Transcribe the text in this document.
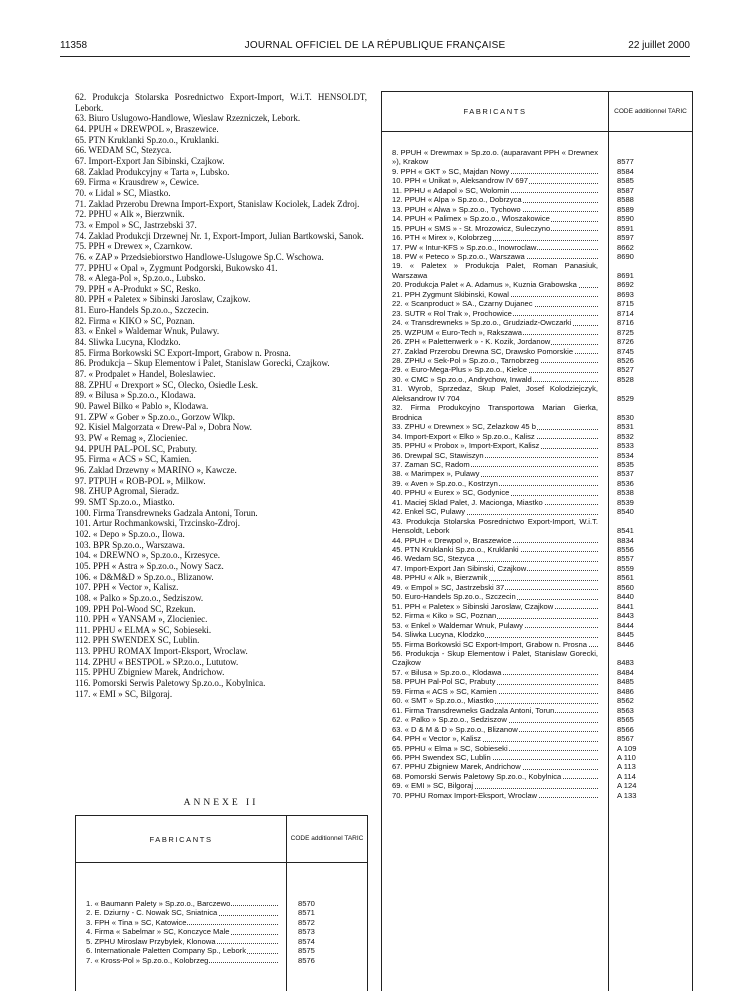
11358	JOURNAL OFFICIEL DE LA RÉPUBLIQUE FRANÇAISE	22 juillet 2000
62. Produkcja Stolarska Posrednictwo Export-Import, W.i.T. HENSOLDT, Lebork.
63. Biuro Uslugowo-Handlowe, Wieslaw Rzezniczek, Lebork.
64. PPUH « DREWPOL », Braszewice.
65. PTN Kruklanki Sp.zo.o., Kruklanki.
66. WEDAM SC, Stezyca.
67. Import-Export Jan Sibinski, Czajkow.
68. Zaklad Produkcyjny « Tarta », Lubsko.
69. Firma « Krausdrew », Cewice.
70. « Lidal » SC, Miastko.
71. Zaklad Przerobu Drewna Import-Export, Stanislaw Kociolek, Ladek Zdroj.
72. PPHU « Alk », Bierzwnik.
73. « Empol » SC, Jastrzebski 37.
74. Zaklad Produkcji Drzewnej Nr. 1, Export-Import, Julian Bartkowski, Sanok.
75. PPH « Drewex », Czarnkow.
76. « ZAP » Przedsiebiorstwo Handlowe-Uslugowe Sp.C. Wschowa.
77. PPHU « Opal », Zygmunt Podgorski, Bukowsko 41.
78. « Alega-Pol », Sp.zo.o., Lubsko.
79. PPH « A-Produkt » SC, Resko.
80. PPH « Paletex » Sibinski Jaroslaw, Czajkow.
81. Euro-Handels Sp.zo.o., Szczecin.
82. Firma « KIKO » SC, Poznan.
83. « Enkel » Waldemar Wnuk, Pulawy.
84. Sliwka Lucyna, Klodzko.
85. Firma Borkowski SC Export-Import, Grabow n. Prosna.
86. Produkcja – Skup Elementow i Palet, Stanislaw Gorecki, Czajkow.
87. « Prodpalet » Handel, Boleslawiec.
88. ZPHU « Drexport » SC, Olecko, Osiedle Lesk.
89. « Bilusa » Sp.zo.o., Klodawa.
90. Pawel Bilko « Pablo », Klodawa.
91. ZPW « Gober » Sp.zo.o., Gorzow Wlkp.
92. Kisiel Malgorzata « Drew-Pal », Dobra Now.
93. PW « Remag », Zlocieniec.
94. PPUH PAL-POL SC, Prabuty.
95. Firma « ACS » SC, Kamien.
96. Zaklad Drzewny « MARINO », Kawcze.
97. PTPUH « ROB-POL », Milkow.
98. ZHUP Agromal, Sieradz.
99. SMT Sp.zo.o., Miastko.
100. Firma Transdrewneks Gadzala Antoni, Torun.
101. Artur Rochmankowski, Trzcinsko-Zdroj.
102. « Depo » Sp.zo.o., Ilowa.
103. BPR Sp.zo.o., Warszawa.
104. « DREWNO », Sp.zo.o., Krzesyce.
105. PPH « Astra » Sp.zo.o., Nowy Sacz.
106. « D&M&D » Sp.zo.o., Blizanow.
107. PPH « Vector », Kalisz.
108. « Palko » Sp.zo.o., Sedziszow.
109. PPH Pol-Wood SC, Rzekun.
110. PPH « YANSAM », Zlocieniec.
111. PPHU « ELMA » SC, Sobieseki.
112. PPH SWENDEX SC, Lublin.
113. PPHU ROMAX Import-Eksport, Wroclaw.
114. ZPHU « BESTPOL » SP.zo.o., Lututow.
115. PPHU Zbigniew Marek, Andrichow.
116. Pomorski Serwis Paletowy Sp.zo.o., Kobylnica.
117. « EMI » SC, Bilgoraj.
ANNEXE II
FABRICANTS	CODE additionnel TARIC
1. « Baumann Palety » Sp.zo.o., Barczewo	8570
2. E. Dziurny - C. Nowak SC, Sniatnica	8571
3. FPH « Tina » SC, Katowice	8572
4. Firma « Sabelmar » SC, Konczyce Male	8573
5. ZPHU Miroslaw Przybylek, Klonowa	8574
6. Internationale Paletten Company Sp., Lebork	8575
7. « Kross-Pol » Sp.zo.o., Kolobrzeg	8576
FABRICANTS	CODE additionnel TARIC
8. PPUH « Drewmax » Sp.zo.o. (auparavant PPH « Drewnex »), Krakow	8577
9. PPH « GKT » SC, Majdan Nowy	8584
10. PPH « Unikat », Aleksandrow IV 697	8585
11. PPHU « Adapol » SC, Wolomin	8587
12. PPUH « Alpa » Sp.zo.o., Dobrzyca	8588
13. PPUH « Alwa » Sp.zo.o., Tychowo	8589
14. PPUH « Palimex » Sp.zo.o., Wloszakowice	8590
15. PPUH « SMS » - St. Mrozowicz, Suleczyno	8591
16. PTH « Mirex », Kolobrzeg	8597
17. PW « Intur-KFS » Sp.zo.o., Inowroclaw	8662
18. PW « Peteco » Sp.zo.o., Warszawa	8690
19. « Paletex » Produkcja Palet, Roman Panasiuk, Warszawa	8691
20. Produkcja Palet « A. Adamus », Kuznia Grabowska	8692
21. PPH Zygmunt Skibinski, Kowal	8693
22. « Scanproduct » SA., Czarny Dujanec	8715
23. SUTR « Rol Trak », Prochowice	8714
24. « Transdrewneks » Sp.zo.o., Grudziadz-Owczarki	8716
25. WZPUM « Euro-Tech », Rakszawa	8725
26. ZPH « Palettenwerk » - K. Kozik, Jordanow	8726
27. Zaklad Przerobu Drewna SC, Drawsko Pomorskie	8745
28. ZPHU « Sek-Pol » Sp.zo.o., Tarnobrzeg	8526
29. « Euro-Mega-Plus » Sp.zo.o., Kielce	8527
30. « CMC » Sp.zo.o., Andrychow, Inwald	8528
31. Wyrob, Sprzedaz, Skup Palet, Josef Kolodziejczyk, Aleksandrow IV 704	8529
32. Firma Produkcyjno Transportowa Marian Gierka, Brodnica	8530
33. ZPHU « Drewnex » SC, Zelazkow 45 b	8531
34. Import-Export « Elko » Sp.zo.o., Kalisz	8532
35. PPHU « Probox », Import-Export, Kalisz	8533
36. Drewpal SC, Stawiszyn	8534
37. Zaman SC, Radom	8535
38. « Marimpex », Pulawy	8537
39. « Aven » Sp.zo.o., Kostrzyn	8536
40. PPHU « Eurex » SC, Godynice	8538
41. Maciej Sklad Palet, J. Macionga, Miastko	8539
42. Enkel SC, Pulawy	8540
43. Produkcja Stolarska Posrednictwo Export-Import, W.i.T. Hensoldt, Lebork	8541
44. PPUH « Drewpol », Braszewice	8834
45. PTN Kruklanki Sp.zo.o., Kruklanki	8556
46. Wedam SC, Stezyca	8557
47. Import-Export Jan Sibinski, Czajkow	8559
48. PPHU « Alk », Bierzwnik	8561
49. « Empol » SC, Jastrzebski 37	8560
50. Euro-Handels Sp.zo.o., Szczecin	8440
51. PPH « Paletex » Sibinski Jaroslaw, Czajkow	8441
52. Firma « Kiko » SC, Poznan	8443
53. « Enkel » Waldemar Wnuk, Pulawy	8444
54. Sliwka Lucyna, Klodzko	8445
55. Firma Borkowski SC Export-Import, Grabow n. Prosna	8446
56. Produkcja - Skup Elementow i Palet, Stanislaw Gorecki, Czajkow	8483
57. « Bilusa » Sp.zo.o., Klodawa	8484
58. PPUH Pal-Pol SC, Prabuty	8485
59. Firma « ACS » SC, Kamien	8486
60. « SMT » Sp.zo.o., Miastko	8562
61. Firma Transdrewneks Gadzala Antoni, Torun	8563
62. « Palko » Sp.zo.o., Sedziszow	8565
63. « D & M & D » Sp.zo.o., Blizanow	8566
64. PPH « Vector », Kalisz	8567
65. PPHU « Elma » SC, Sobieseki	A 109
66. PPH Swendex SC, Lublin	A 110
67. PPHU Zbigniew Marek, Andrichow	A 113
68. Pomorski Serwis Paletowy Sp.zo.o., Kobylnica	A 114
69. « EMI » SC, Bilgoraj	A 124
70. PPHU Romax Import-Eksport, Wroclaw	A 133
